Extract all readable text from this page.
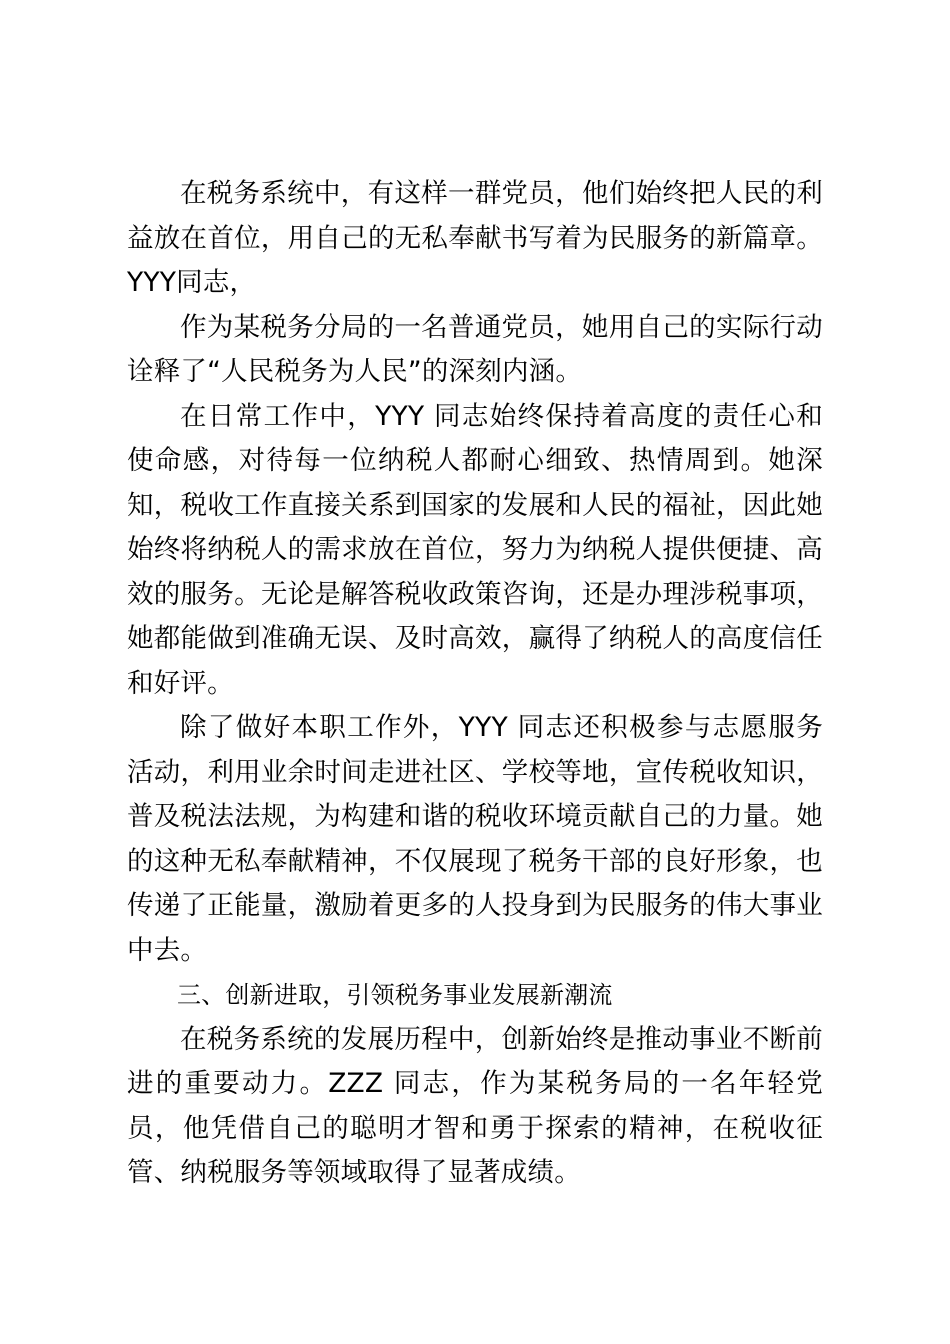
在税务系统中，有这样一群党员，他们始终把人民的利益放在首位，用自己的无私奉献书写着为民服务的新篇章。YYY同志，

作为某税务分局的一名普通党员，她用自己的实际行动诠释了“人民税务为人民”的深刻内涵。

在日常工作中，YYY 同志始终保持着高度的责任心和使命感，对待每一位纳税人都耐心细致、热情周到。她深知，税收工作直接关系到国家的发展和人民的福祉，因此她始终将纳税人的需求放在首位，努力为纳税人提供便捷、高效的服务。无论是解答税收政策咨询，还是办理涉税事项，她都能做到准确无误、及时高效，赢得了纳税人的高度信任和好评。

除了做好本职工作外，YYY 同志还积极参与志愿服务活动，利用业余时间走进社区、学校等地，宣传税收知识，普及税法法规，为构建和谐的税收环境贡献自己的力量。她的这种无私奉献精神，不仅展现了税务干部的良好形象，也传递了正能量，激励着更多的人投身到为民服务的伟大事业中去。

三、创新进取，引领税务事业发展新潮流

在税务系统的发展历程中，创新始终是推动事业不断前进的重要动力。ZZZ 同志，作为某税务局的一名年轻党员，他凭借自己的聪明才智和勇于探索的精神，在税收征管、纳税服务等领域取得了显著成绩。
